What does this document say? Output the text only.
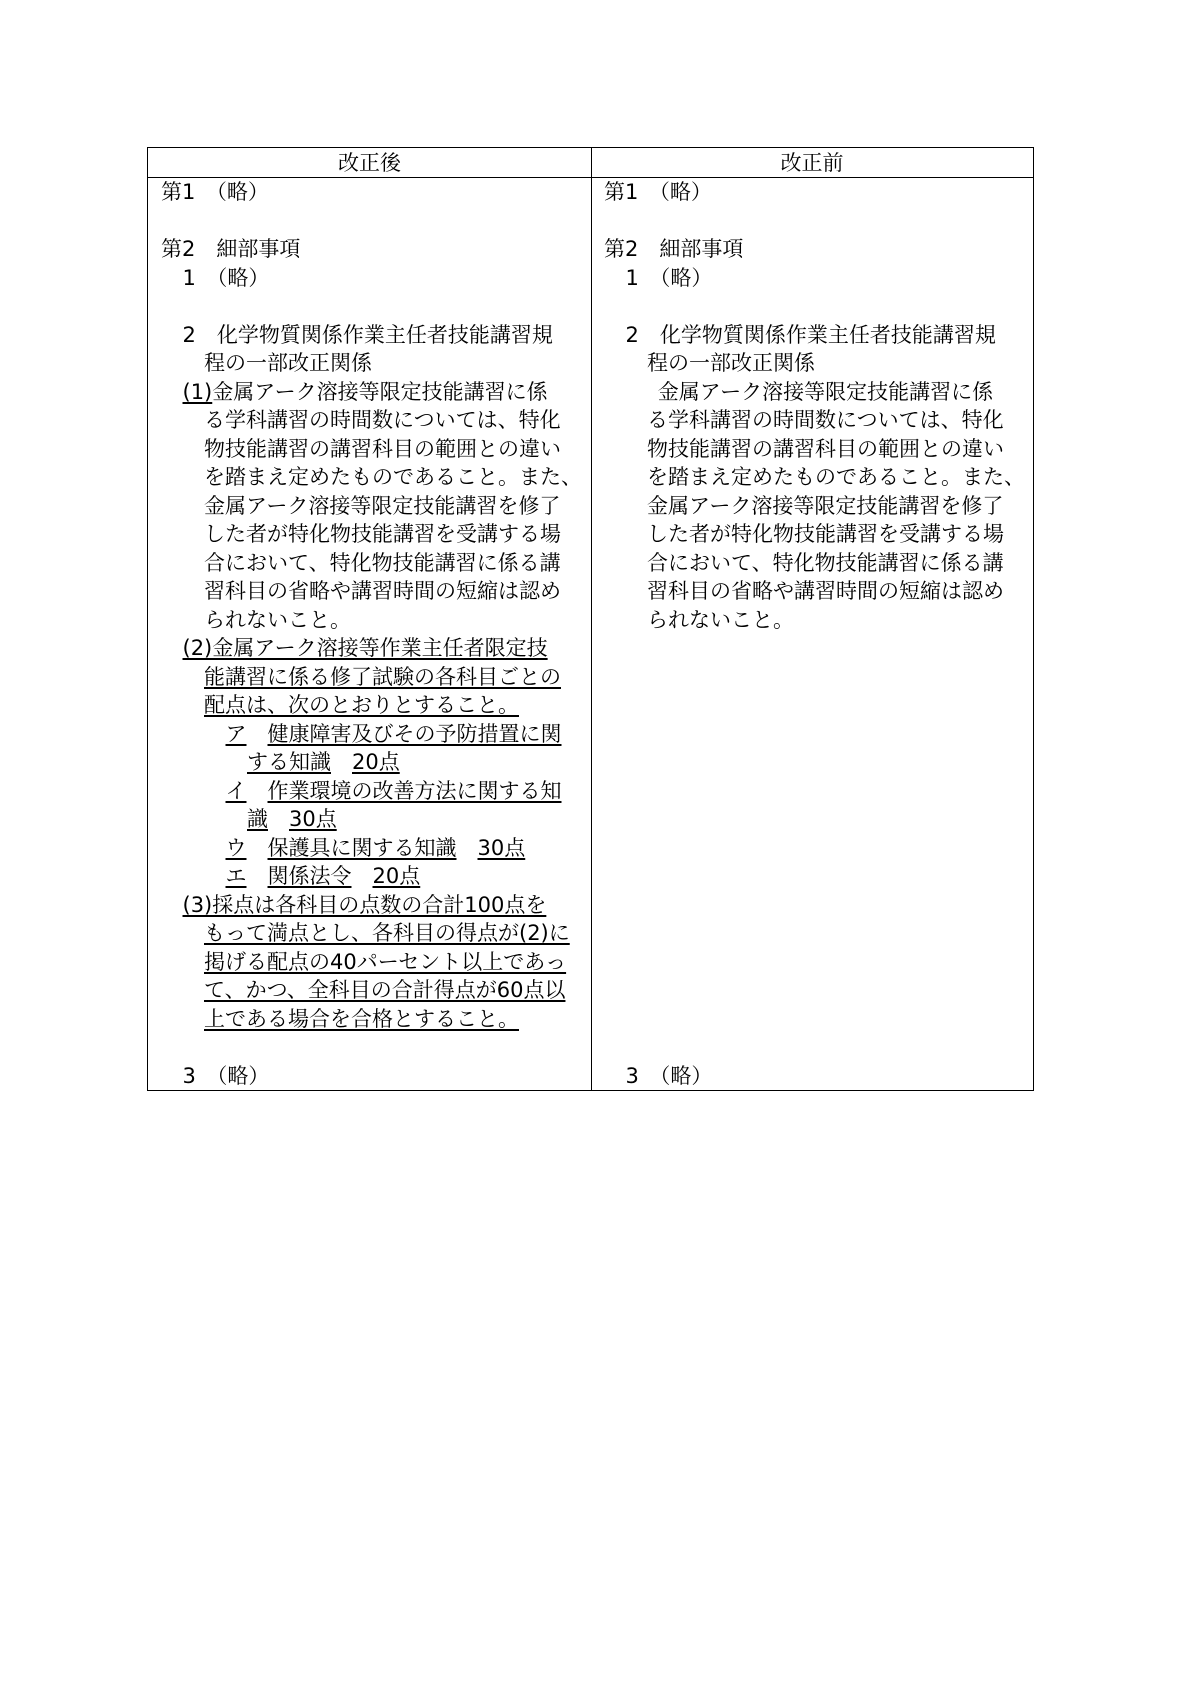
改正後	改正前
第1　（略）
第2　細部事項
1　（略）
2　化学物質関係作業主任者技能講習規
程の一部改正関係
(1)金属アーク溶接等限定技能講習に係
る学科講習の時間数については、特化
物技能講習の講習科目の範囲との違い
を踏まえ定めたものであること。また、
金属アーク溶接等限定技能講習を修了
した者が特化物技能講習を受講する場
合において、特化物技能講習に係る講
習科目の省略や講習時間の短縮は認め
られないこと。
(2)金属アーク溶接等作業主任者限定技
能講習に係る修了試験の各科目ごとの
配点は、次のとおりとすること。
ア　 健康障害及びその予防措置に関
する知識　 20点
イ　 作業環境の改善方法に関する知
識　 30点
ウ　 保護具に関する知識　 30点
エ　 関係法令　 20点
(3)採点は各科目の点数の合計100点を
もって満点とし、各科目の得点が(2)に
掲げる配点の40パーセント以上であっ
て、かつ、全科目の合計得点が60点以
上である場合を合格とすること。
3　（略）
第1　（略）
第2　細部事項
1　（略）
2　化学物質関係作業主任者技能講習規
程の一部改正関係
金属アーク溶接等限定技能講習に係
る学科講習の時間数については、特化
物技能講習の講習科目の範囲との違い
を踏まえ定めたものであること。また、
金属アーク溶接等限定技能講習を修了
した者が特化物技能講習を受講する場
合において、特化物技能講習に係る講
習科目の省略や講習時間の短縮は認め
られないこと。
3　（略）
